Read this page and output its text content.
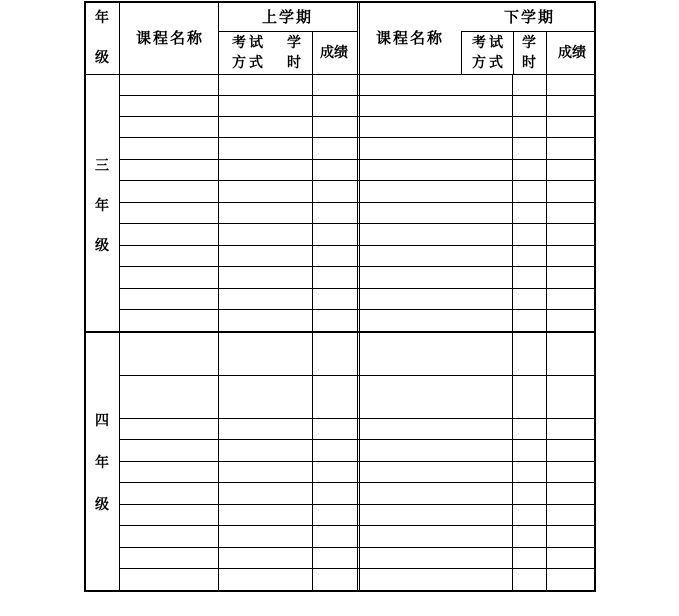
年
级
课程名称
上学期
考试
方式
学
时
成绩
课程名称
下学期
考试
方式
学
时
成绩
三
年
级
四
年
级
